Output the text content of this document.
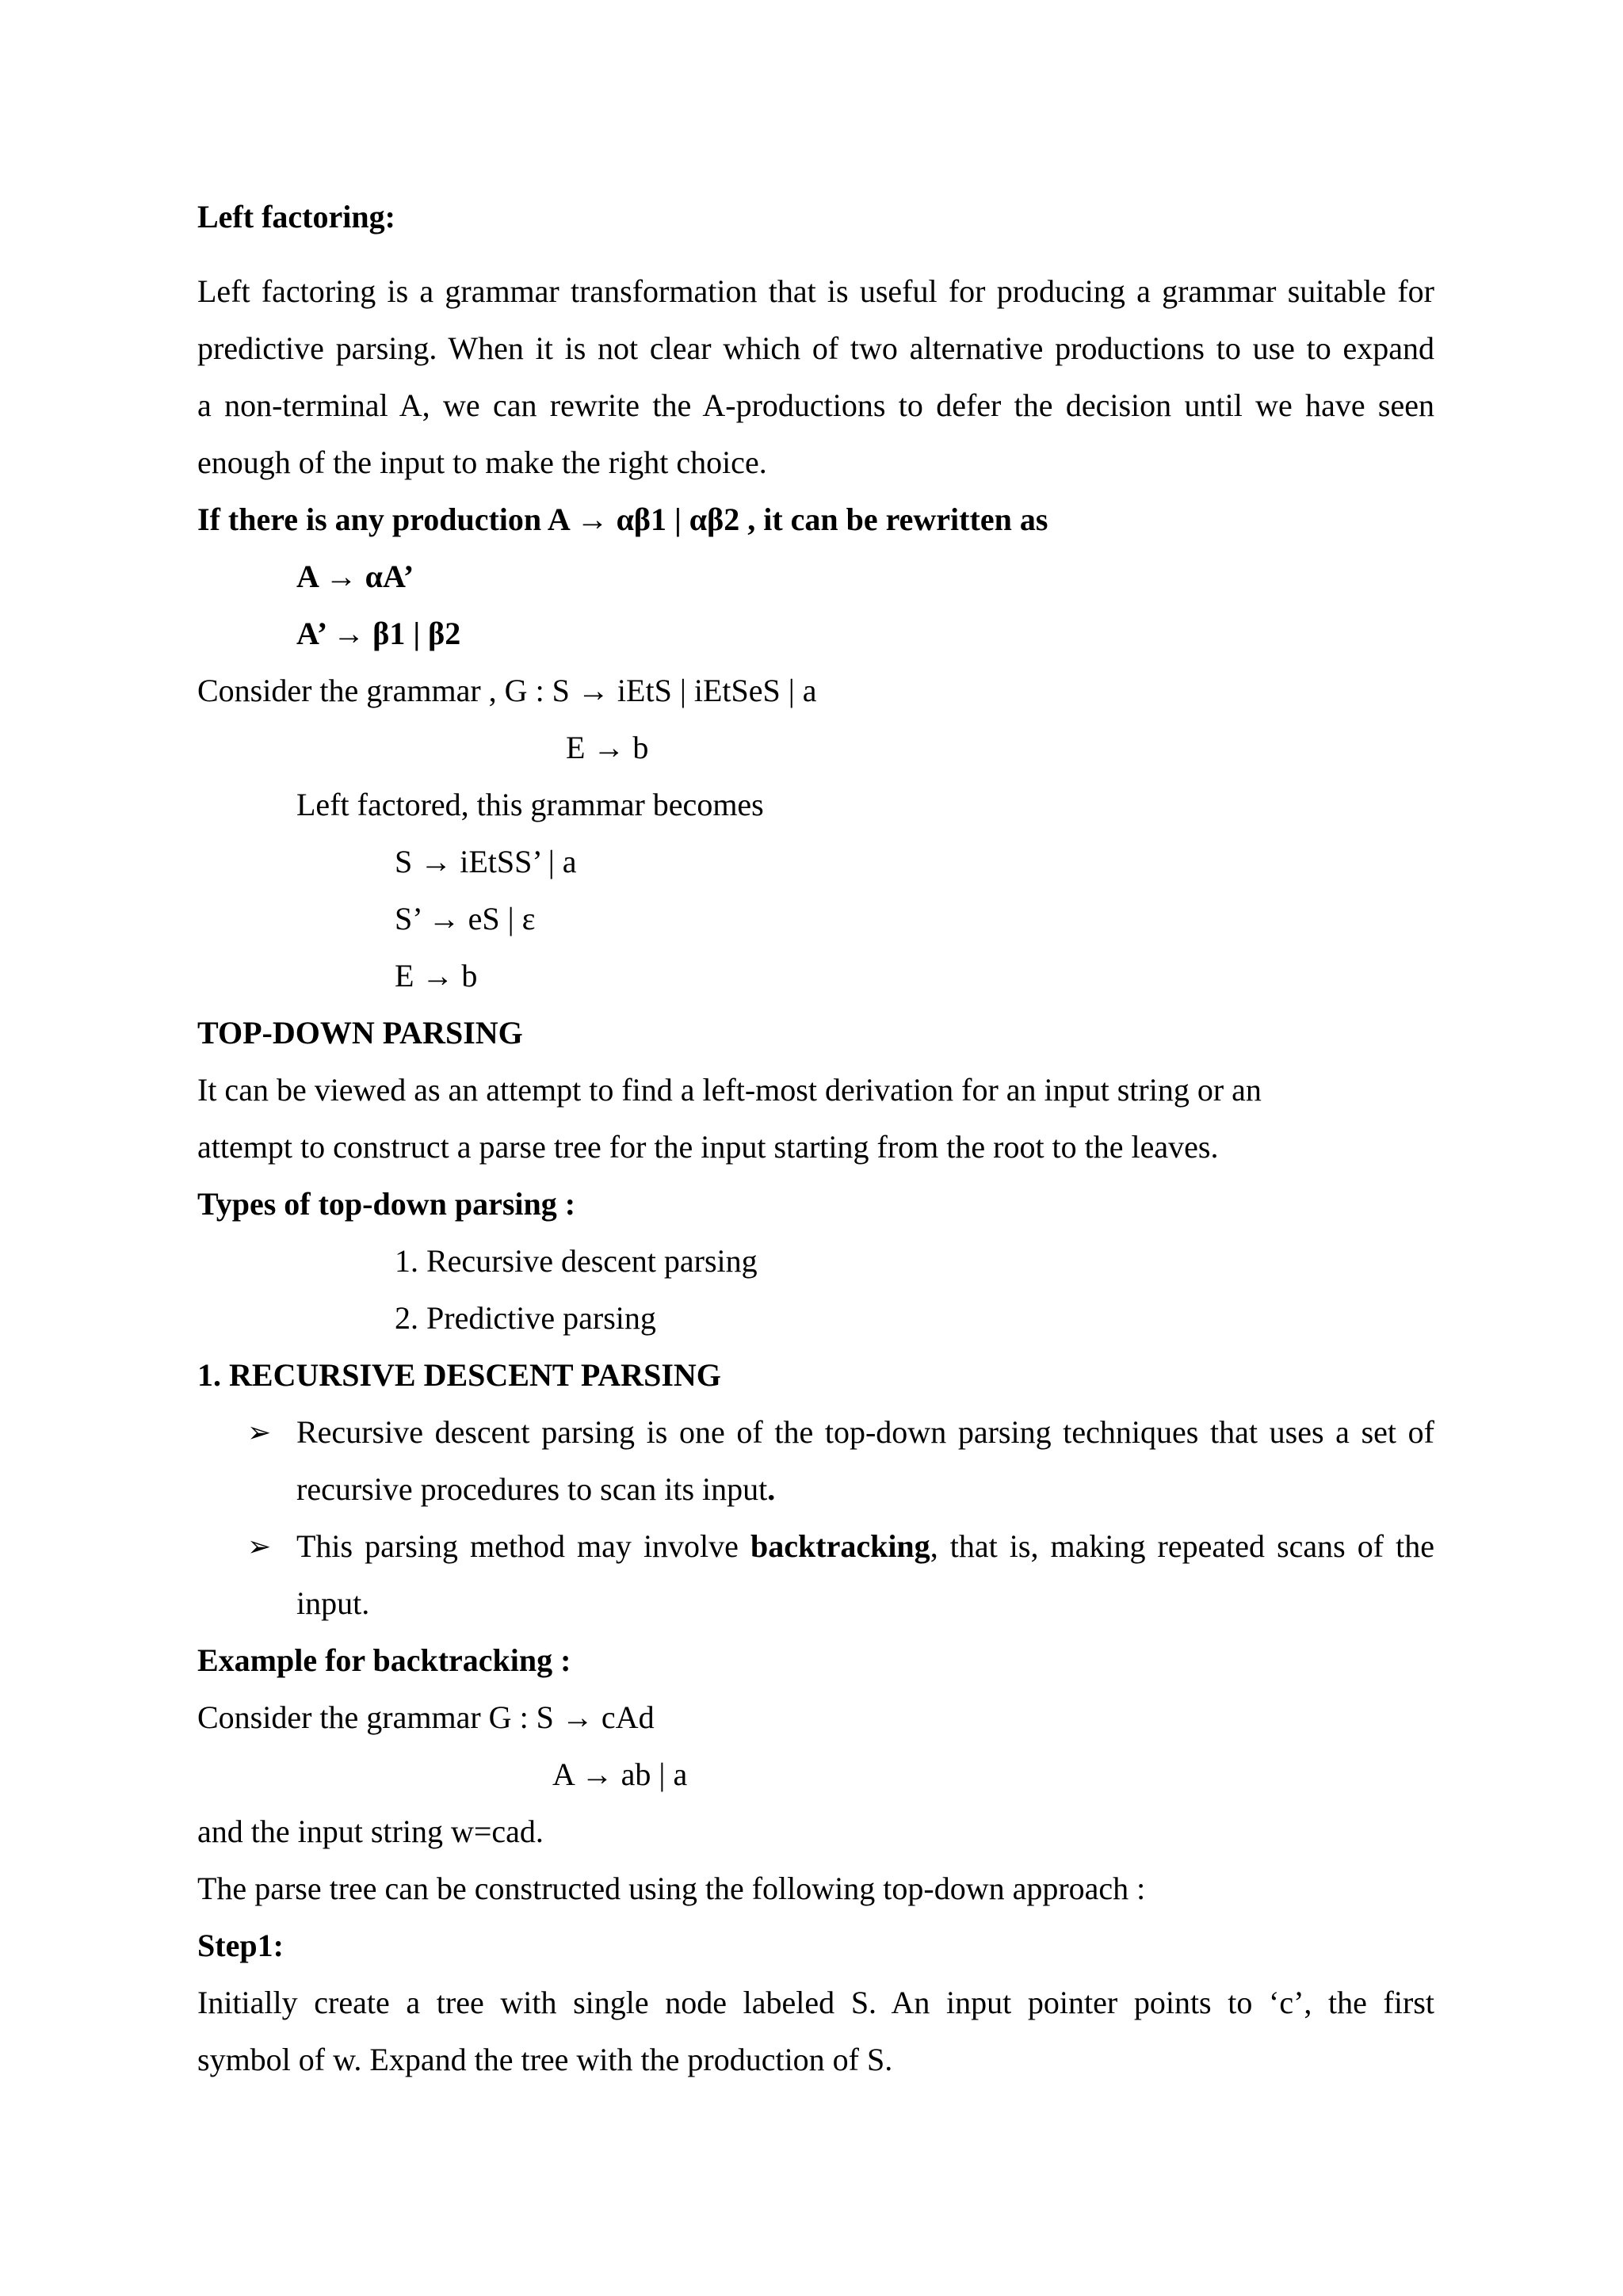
Left factoring:
Left factoring is a grammar transformation that is useful for producing a grammar suitable for
predictive parsing. When it is not clear which of two alternative productions to use to expand
a non-terminal A, we can rewrite the A-productions to defer the decision until we have seen
enough of the input to make the right choice.
If there is any production A → αβ1 | αβ2 , it can be rewritten as
A → αA’
A’ → β1 | β2
Consider the grammar , G : S → iEtS | iEtSeS | a
E → b
Left factored, this grammar becomes
S → iEtSS’ | a
S’ → eS | ε
E → b
TOP-DOWN PARSING
It can be viewed as an attempt to find a left-most derivation for an input string or an
attempt to construct a parse tree for the input starting from the root to the leaves.
Types of top-down parsing :
1. Recursive descent parsing
2. Predictive parsing
1. RECURSIVE DESCENT PARSING
➢ Recursive descent parsing is one of the top-down parsing techniques that uses a set of
recursive procedures to scan its input.
➢ This parsing method may involve backtracking, that is, making repeated scans of the
input.
Example for backtracking :
Consider the grammar G : S → cAd
A → ab | a
and the input string w=cad.
The parse tree can be constructed using the following top-down approach :
Step1:
Initially create a tree with single node labeled S. An input pointer points to ‘c’, the first
symbol of w. Expand the tree with the production of S.
